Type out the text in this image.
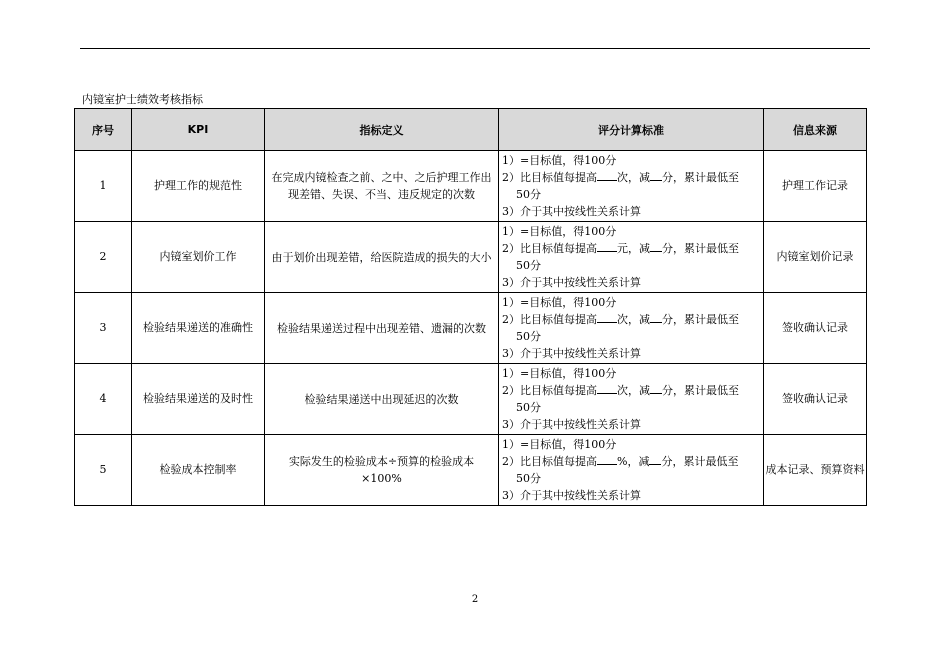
内镜室护士绩效考核指标
序号	KPI	指标定义	评分计算标准	信息来源
1	护理工作的规范性	在完成内镜检查之前、之中、之后护理工作出现差错、失误、不当、违反规定的次数	1）=目标值，得100分
2）比目标值每提高 次，减 分，累计最低至
50分
3）介于其中按线性关系计算	护理工作记录
2	内镜室划价工作	由于划价出现差错，给医院造成的损失的大小	1）=目标值，得100分
2）比目标值每提高 元，减 分，累计最低至
50分
3）介于其中按线性关系计算	内镜室划价记录
3	检验结果递送的准确性	检验结果递送过程中出现差错、遗漏的次数	1）=目标值，得100分
2）比目标值每提高 次，减 分，累计最低至
50分
3）介于其中按线性关系计算	签收确认记录
4	检验结果递送的及时性	检验结果递送中出现延迟的次数	1）=目标值，得100分
2）比目标值每提高 次，减 分，累计最低至
50分
3）介于其中按线性关系计算	签收确认记录
5	检验成本控制率	实际发生的检验成本÷预算的检验成本×100%	1）=目标值，得100分
2）比目标值每提高 %，减 分，累计最低至
50分
3）介于其中按线性关系计算	成本记录、预算资料
2
